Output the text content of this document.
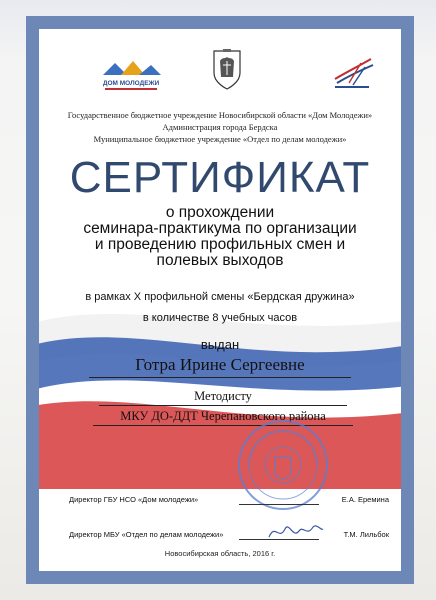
ДОМ МОЛОДЕЖИ
Государственное бюджетное учреждение Новосибирской области «Дом Молодежи»
Администрация города Бердска
Муниципальное бюджетное учреждение «Отдел по делам молодежи»
СЕРТИФИКАТ
о прохождении
семинара-практикума по организации
и проведению профильных смен и
полевых выходов
в рамках X профильной смены «Бердская дружина»
в количестве 8 учебных часов
выдан
Готра Ирине Сергеевне
Методисту
МКУ ДО-ДДТ Черепановского района
Директор ГБУ НСО «Дом молодежи»	Е.А. Еремина
Директор МБУ «Отдел по делам молодежи»	Т.М. Лильбок
Новосибирская область, 2016 г.
